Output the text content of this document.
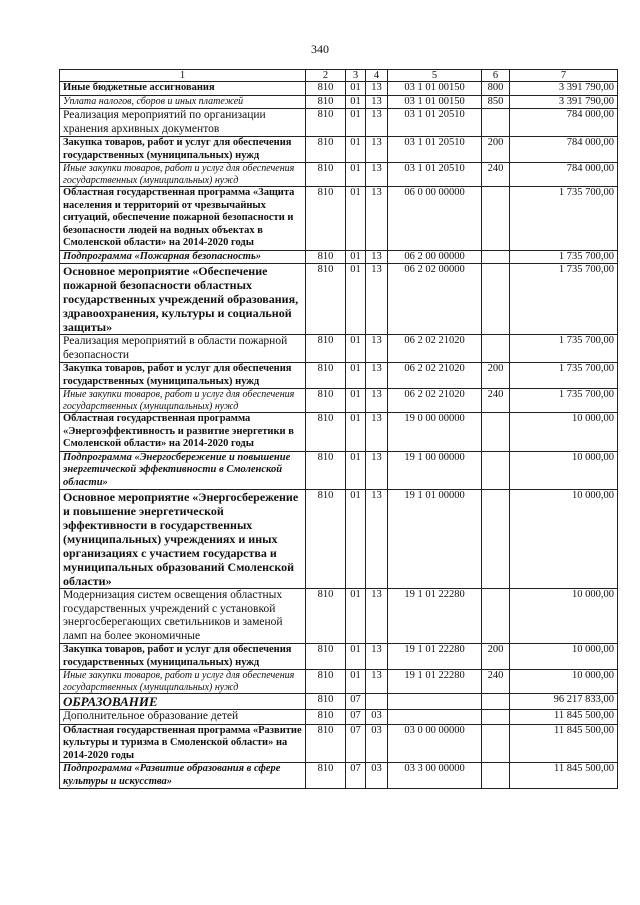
340
1	2	3	4	5	6	7
Иные бюджетные ассигнования	810	01	13	03 1 01 00150	800	3 391 790,00
Уплата налогов, сборов и иных платежей	810	01	13	03 1 01 00150	850	3 391 790,00
Реализация мероприятий по организации хранения архивных документов	810	01	13	03 1 01 20510		784 000,00
Закупка товаров, работ и услуг для обеспечения государственных (муниципальных) нужд	810	01	13	03 1 01 20510	200	784 000,00
Иные закупки товаров, работ и услуг для обеспечения государственных (муниципальных) нужд	810	01	13	03 1 01 20510	240	784 000,00
Областная государственная программа «Защита населения и территорий от чрезвычайных ситуаций, обеспечение пожарной безопасности и безопасности людей на водных объектах в Смоленской области» на 2014-2020 годы	810	01	13	06 0 00 00000		1 735 700,00
Подпрограмма «Пожарная безопасность»	810	01	13	06 2 00 00000		1 735 700,00
Основное мероприятие «Обеспечение пожарной безопасности областных государственных учреждений образования, здравоохранения, культуры и социальной защиты»	810	01	13	06 2 02 00000		1 735 700,00
Реализация мероприятий в области пожарной безопасности	810	01	13	06 2 02 21020		1 735 700,00
Закупка товаров, работ и услуг для обеспечения государственных (муниципальных) нужд	810	01	13	06 2 02 21020	200	1 735 700,00
Иные закупки товаров, работ и услуг для обеспечения государственных (муниципальных) нужд	810	01	13	06 2 02 21020	240	1 735 700,00
Областная государственная программа «Энергоэффективность и развитие энергетики в Смоленской области» на 2014-2020 годы	810	01	13	19 0 00 00000		10 000,00
Подпрограмма «Энергосбережение и повышение энергетической эффективности в Смоленской области»	810	01	13	19 1 00 00000		10 000,00
Основное мероприятие «Энергосбережение и повышение энергетической эффективности в государственных (муниципальных) учреждениях и иных организациях с участием государства и муниципальных образований Смоленской области»	810	01	13	19 1 01 00000		10 000,00
Модернизация систем освещения областных государственных учреждений с установкой энергосберегающих светильников и заменой ламп на более экономичные	810	01	13	19 1 01 22280		10 000,00
Закупка товаров, работ и услуг для обеспечения государственных (муниципальных) нужд	810	01	13	19 1 01 22280	200	10 000,00
Иные закупки товаров, работ и услуг для обеспечения государственных (муниципальных) нужд	810	01	13	19 1 01 22280	240	10 000,00
ОБРАЗОВАНИЕ	810	07				96 217 833,00
Дополнительное образование детей	810	07	03			11 845 500,00
Областная государственная программа «Развитие культуры и туризма в Смоленской области» на 2014-2020 годы	810	07	03	03 0 00 00000		11 845 500,00
Подпрограмма «Развитие образования в сфере культуры и искусства»	810	07	03	03 3 00 00000		11 845 500,00
